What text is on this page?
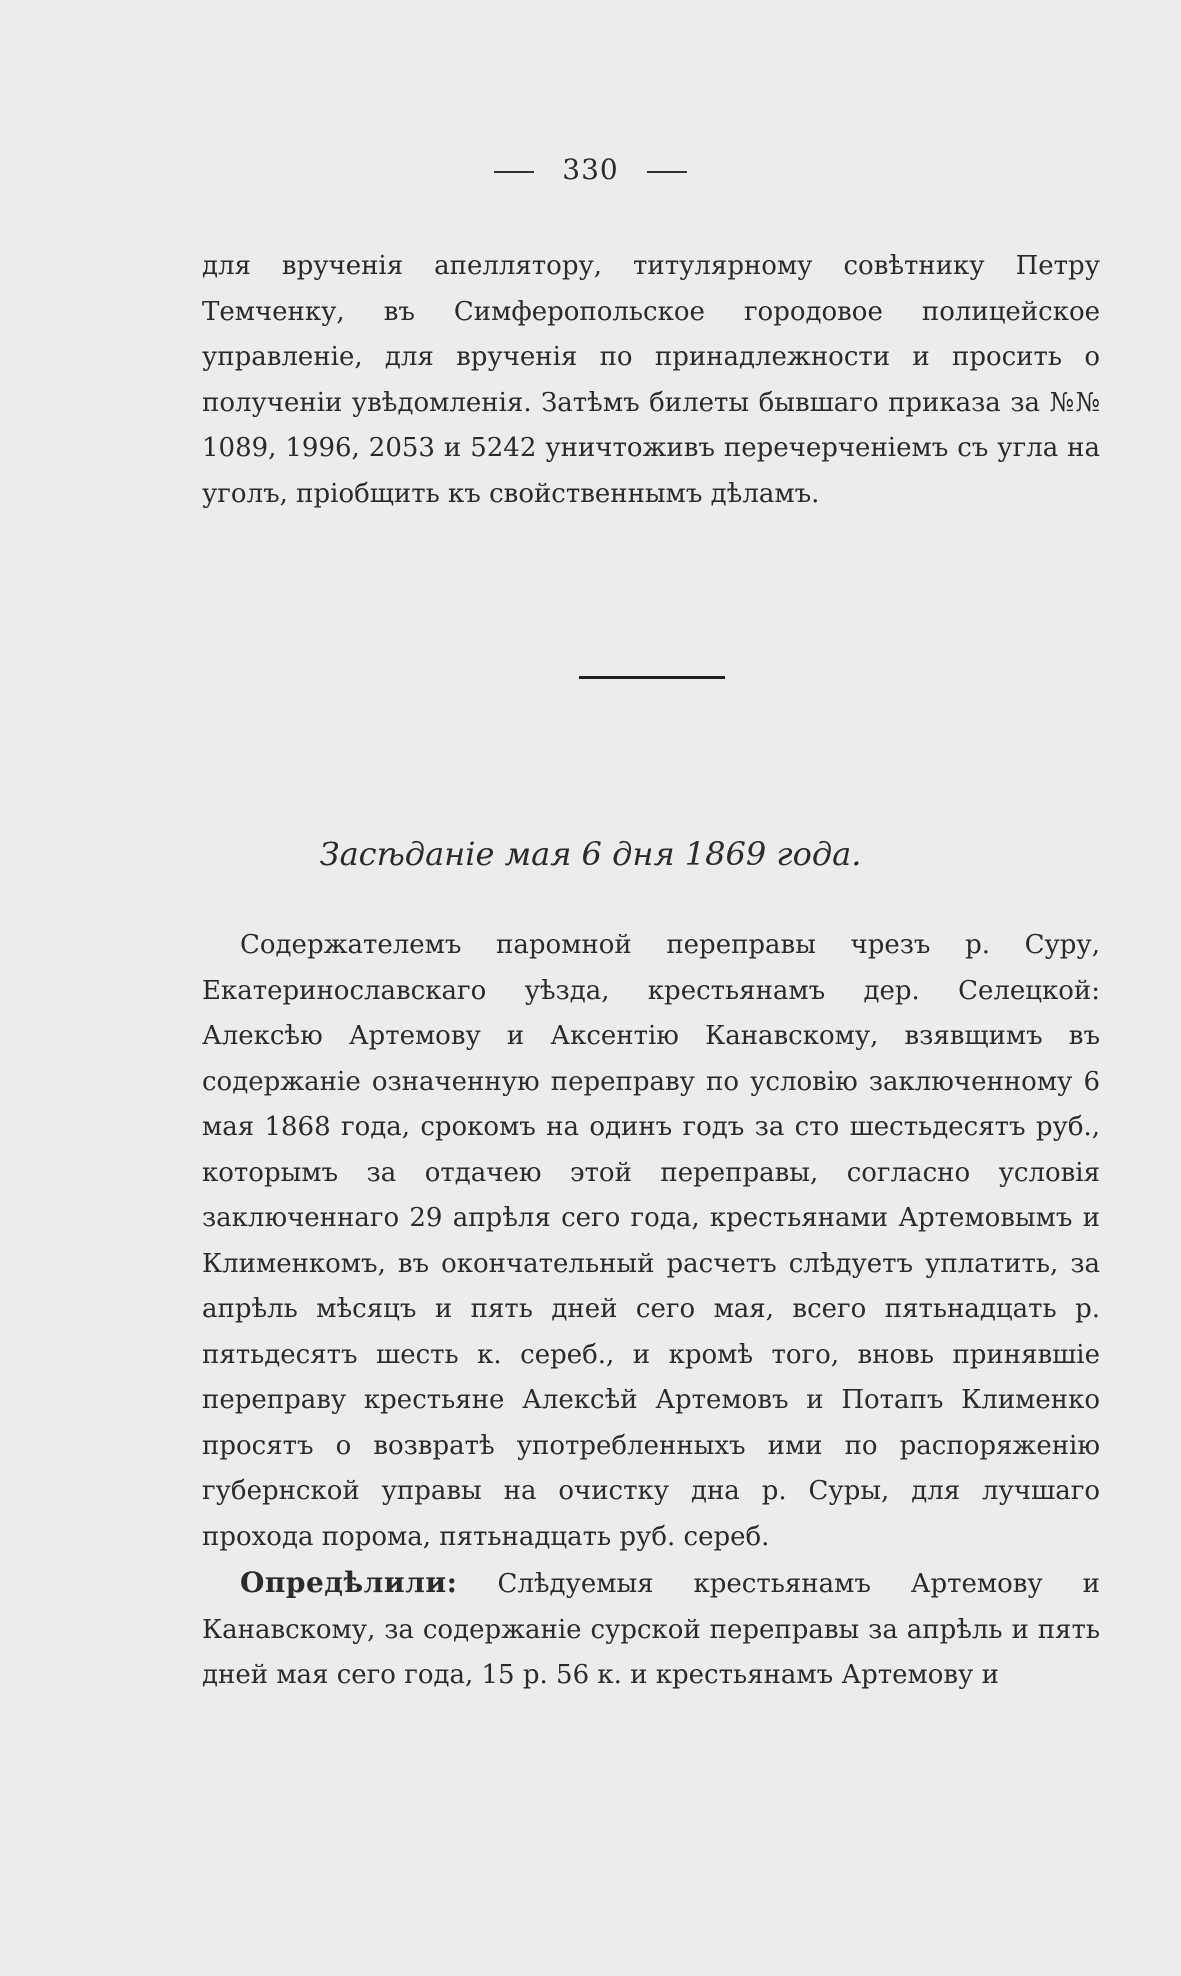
330

для врученія апеллятору, титулярному совѣтнику Петру Темченку, въ Симферопольское городовое полицейское управленіе, для врученія по принадлежности и просить о полученіи увѣдомленія. Затѣмъ билеты бывшаго приказа за №№ 1089, 1996, 2053 и 5242 уничтоживъ перечерченіемъ съ угла на уголъ, пріобщить къ свойственнымъ дѣламъ.

Засѣданіе мая 6 дня 1869 года.

Содержателемъ паромной переправы чрезъ р. Суру, Екатеринославскаго уѣзда, крестьянамъ дер. Селецкой: Алексѣю Артемову и Аксентію Канавскому, взявщимъ въ содержаніе означенную переправу по условію заключенному 6 мая 1868 года, срокомъ на одинъ годъ за сто шестьдесятъ руб., которымъ за отдачею этой переправы, согласно условія заключеннаго 29 апрѣля сего года, крестьянами Артемовымъ и Клименкомъ, въ окончательный расчетъ слѣдуетъ уплатить, за апрѣль мѣсяцъ и пять дней сего мая, всего пятьнадцать р. пятьдесятъ шесть к. сереб., и кромѣ того, вновь принявшіе переправу крестьяне Алексѣй Артемовъ и Потапъ Клименко просятъ о возвратѣ употребленныхъ ими по распоряженію губернской управы на очистку дна р. Суры, для лучшаго прохода порома, пятьнадцать руб. сереб.

Опредѣлили: Слѣдуемыя крестьянамъ Артемову и Канавскому, за содержаніе сурской переправы за апрѣль и пять дней мая сего года, 15 р. 56 к. и крестьянамъ Артемову и
